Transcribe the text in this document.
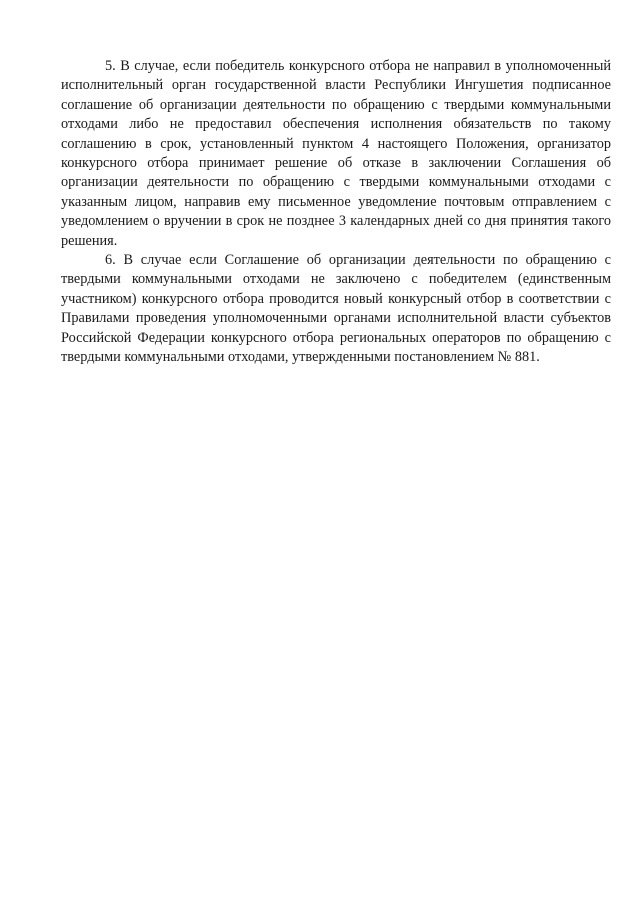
5. В случае, если победитель конкурсного отбора не направил в уполномоченный исполнительный орган государственной власти Республики Ингушетия подписанное соглашение об организации деятельности по обращению с твердыми коммунальными отходами либо не предоставил обеспечения исполнения обязательств по такому соглашению в срок, установленный пунктом 4 настоящего Положения, организатор конкурсного отбора принимает решение об отказе в заключении Соглашения об организации деятельности по обращению с твердыми коммунальными отходами с указанным лицом, направив ему письменное уведомление почтовым отправлением с уведомлением о вручении в срок не позднее 3 календарных дней со дня принятия такого решения.

6. В случае если Соглашение об организации деятельности по обращению с твердыми коммунальными отходами не заключено с победителем (единственным участником) конкурсного отбора проводится новый конкурсный отбор в соответствии с Правилами проведения уполномоченными органами исполнительной власти субъектов Российской Федерации конкурсного отбора региональных операторов по обращению с твердыми коммунальными отходами, утвержденными постановлением № 881.
